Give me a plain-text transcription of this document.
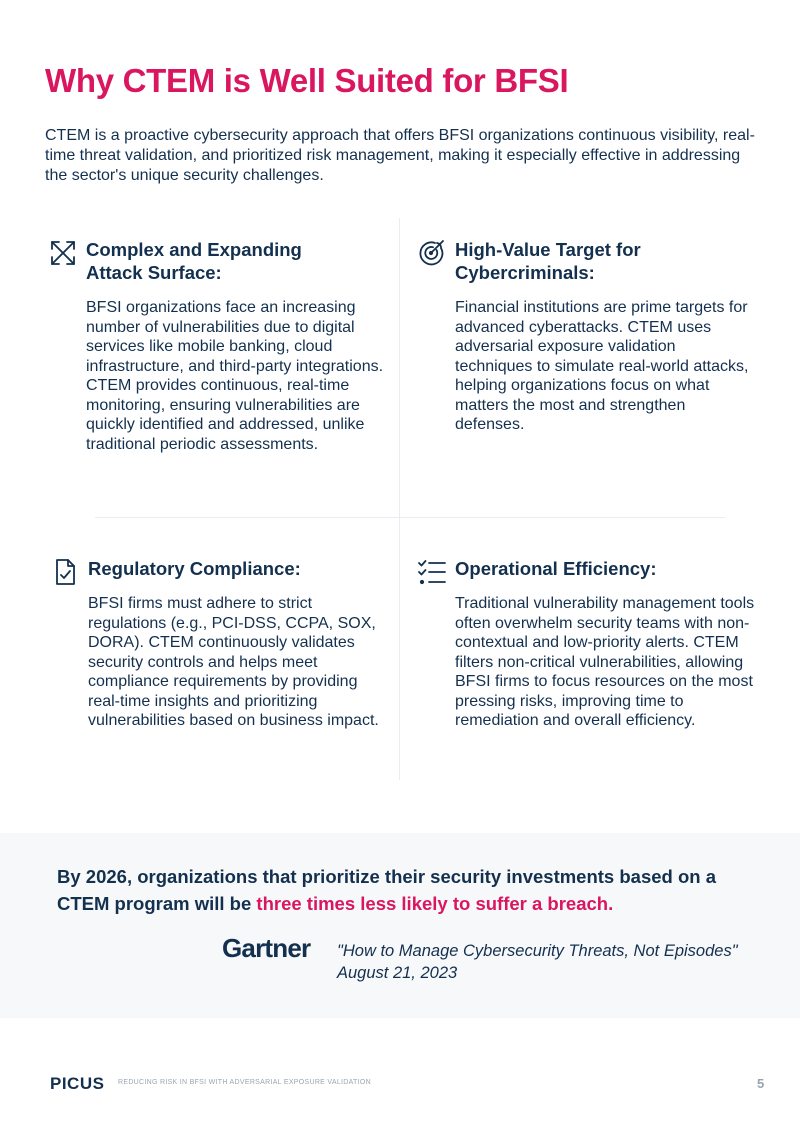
Why CTEM is Well Suited for BFSI

CTEM is a proactive cybersecurity approach that offers BFSI organizations continuous visibility, real-time threat validation, and prioritized risk management, making it especially effective in addressing the sector's unique security challenges.

Complex and Expanding
Attack Surface:

BFSI organizations face an increasing number of vulnerabilities due to digital services like mobile banking, cloud infrastructure, and third-party integrations. CTEM provides continuous, real-time monitoring, ensuring vulnerabilities are quickly identified and addressed, unlike traditional periodic assessments.

High-Value Target for
Cybercriminals:

Financial institutions are prime targets for advanced cyberattacks. CTEM uses adversarial exposure validation techniques to simulate real-world attacks, helping organizations focus on what matters the most and strengthen defenses.

Regulatory Compliance:

BFSI firms must adhere to strict regulations (e.g., PCI-DSS, CCPA, SOX, DORA). CTEM continuously validates security controls and helps meet compliance requirements by providing real-time insights and prioritizing vulnerabilities based on business impact.

Operational Efficiency:

Traditional vulnerability management tools often overwhelm security teams with non-contextual and low-priority alerts. CTEM filters non-critical vulnerabilities, allowing BFSI firms to focus resources on the most pressing risks, improving time to remediation and overall efficiency.

By 2026, organizations that prioritize their security investments based on a CTEM program will be three times less likely to suffer a breach.

Gartner "How to Manage Cybersecurity Threats, Not Episodes"
August 21, 2023

PICUS REDUCING RISK IN BFSI WITH ADVERSARIAL EXPOSURE VALIDATION	5
